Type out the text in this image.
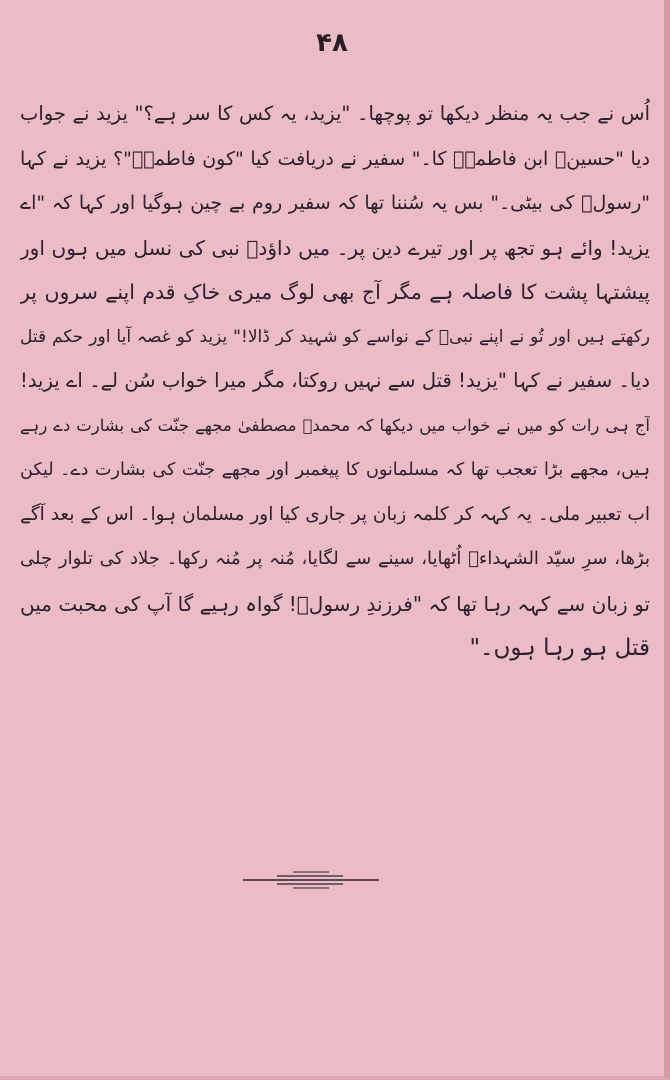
۴۸
اُس نے جب یہ منظر دیکھا تو پوچھا۔ "یزید، یہ کس کا سر ہے؟" یزید نے جواب
دیا "حسینؑ ابن فاطمہؑ کا۔" سفیر نے دریافت کیا "کون فاطمہؑ"؟ یزید نے کہا
"رسولؐ کی بیٹی۔" بس یہ سُننا تھا کہ سفیر روم بے چین ہوگیا اور کہا کہ "اے
یزید! وائے ہو تجھ پر اور تیرے دین پر۔ میں داؤدؑ نبی کی نسل میں ہوں اور
پیشتہا پشت کا فاصلہ ہے مگر آج بھی لوگ میری خاکِ قدم اپنے سروں پر
رکھتے ہیں اور تُو نے اپنے نبیؐ کے نواسے کو شہید کر ڈالا!" یزید کو غصہ آیا اور حکم قتل
دیا۔ سفیر نے کہا "یزید! قتل سے نہیں روکتا، مگر میرا خواب سُن لے۔ اے یزید!
آج ہی رات کو میں نے خواب میں دیکھا کہ محمدؐ مصطفیٰ مجھے جنّت کی بشارت دے رہے
ہیں، مجھے بڑا تعجب تھا کہ مسلمانوں کا پیغمبر اور مجھے جنّت کی بشارت دے۔ لیکن
اب تعبیر ملی۔ یہ کہہ کر کلمہ زبان پر جاری کیا اور مسلمان ہوا۔ اس کے بعد آگے
بڑھا، سرِ سیّد الشہداءؑ اُٹھایا، سینے سے لگایا، مُنہ پر مُنہ رکھا۔ جلاد کی تلوار چلی
تو زبان سے کہہ رہا تھا کہ "فرزندِ رسولؐ! گواہ رہیے گا آپ کی محبت میں
قتل ہو رہا ہوں۔"
